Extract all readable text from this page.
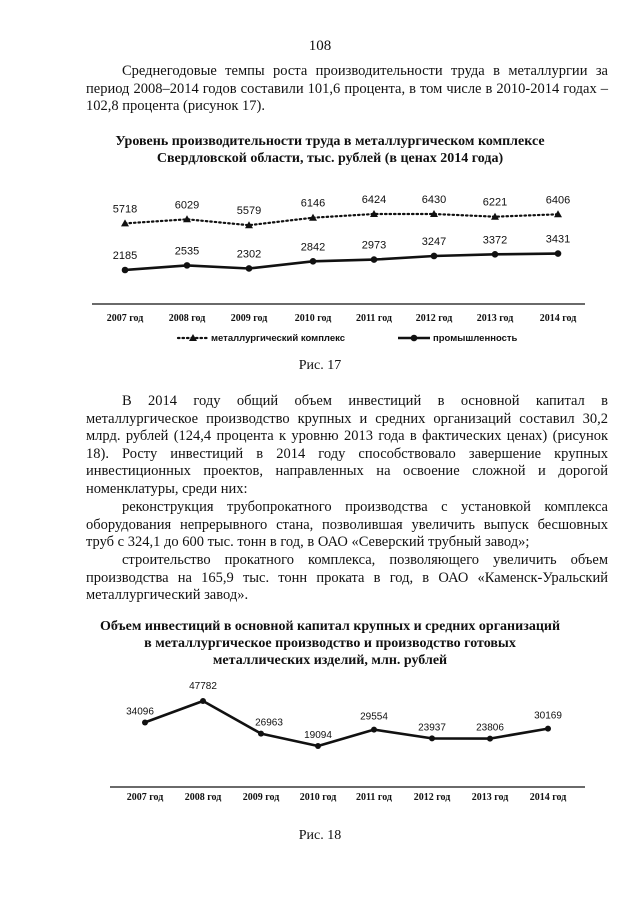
108

Среднегодовые темпы роста производительности труда в металлургии за период 2008–2014 годов составили 101,6 процента, в том числе в 2010-2014 годах – 102,8 процента (рисунок 17).

Уровень производительности труда в металлургическом комплексе
Свердловской области, тыс. рублей (в ценах 2014 года)

5718	6029	5579
6146	6424	6430	6221	6406
2185	2535	2302
2842	2973	3247	3372	3431
2007 год	2008 год	2009 год	2010 год 2011 год 2012 год 2013 год	2014 год
металлургический комплекс	промышленность
Рис. 17

В 2014 году общий объем инвестиций в основной капитал в металлургическое производство крупных и средних организаций составил 30,2 млрд. рублей (124,4 процента к уровню 2013 года в фактических ценах) (рисунок 18). Росту инвестиций в 2014 году способствовало завершение крупных инвестиционных проектов, направленных на освоение сложной и дорогой номенклатуры, среди них:

реконструкция трубопрокатного производства с установкой комплекса оборудования непрерывного стана, позволившая увеличить выпуск бесшовных труб с 324,1 до 600 тыс. тонн в год, в ОАО «Северский трубный завод»;

строительство прокатного комплекса, позволяющего увеличить объем производства на 165,9 тыс. тонн проката в год, в ОАО «Каменск-Уральский металлургический завод».

Объем инвестиций в основной капитал крупных и средних организаций
в металлургическое производство и производство готовых
металлических изделий, млн. рублей

34096
47782
26963
19094
29554
23937	23806
30169
2007 год 2008 год 2009 год 2010 год 2011 год 2012 год 2013 год 2014 год
Рис. 18
